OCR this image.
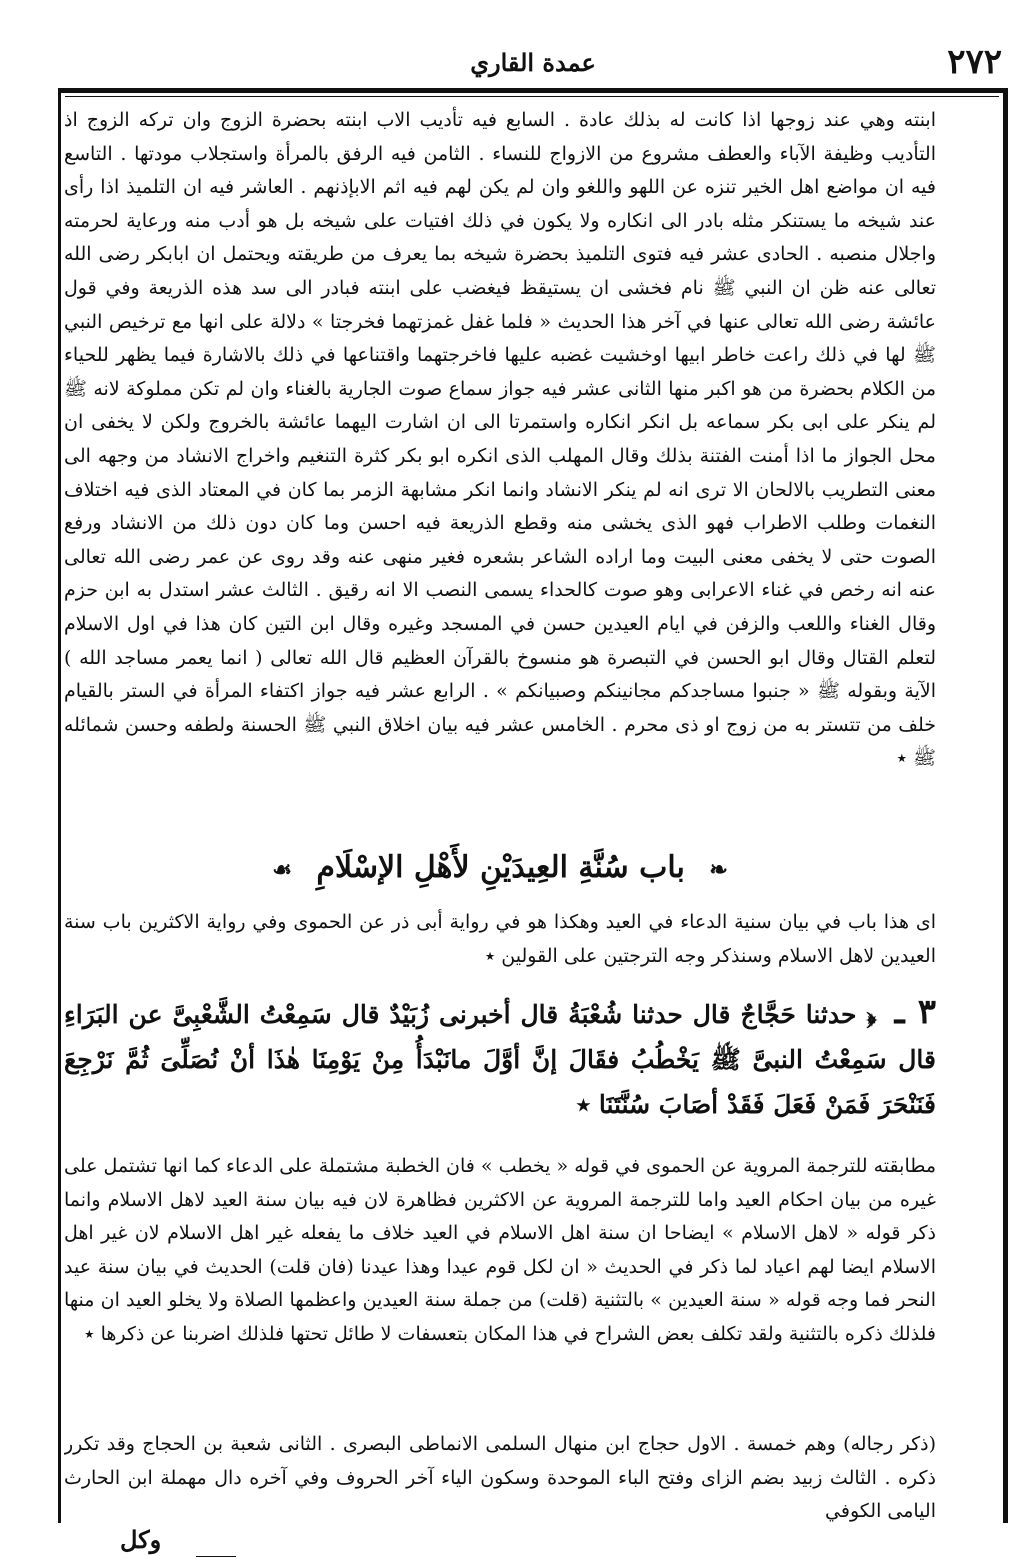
٢٧٢
عمدة القاري
ابنته وهي عند زوجها اذا كانت له بذلك عادة . السابع فيه تأديب الاب ابنته بحضرة الزوج وان تركه الزوج اذ التأديب وظيفة الآباء والعطف مشروع من الازواج للنساء . الثامن فيه الرفق بالمرأة واستجلاب مودتها . التاسع فيه ان مواضع اهل الخير تنزه عن اللهو واللغو وان لم يكن لهم فيه اثم الابإذنهم . العاشر فيه ان التلميذ اذا رأى عند شيخه ما يستنكر مثله بادر الى انكاره ولا يكون في ذلك افتيات على شيخه بل هو أدب منه ورعاية لحرمته واجلال منصبه . الحادى عشر فيه فتوى التلميذ بحضرة شيخه بما يعرف من طريقته ويحتمل ان ابابكر رضى الله تعالى عنه ظن ان النبي ﷺ نام فخشى ان يستيقظ فيغضب على ابنته فبادر الى سد هذه الذريعة وفي قول عائشة رضى الله تعالى عنها في آخر هذا الحديث « فلما غفل غمزتهما فخرجتا » دلالة على انها مع ترخيص النبي ﷺ لها في ذلك راعت خاطر ابيها اوخشيت غضبه عليها فاخرجتهما واقتناعها في ذلك بالاشارة فيما يظهر للحياء من الكلام بحضرة من هو اكبر منها الثانى عشر فيه جواز سماع صوت الجارية بالغناء وان لم تكن مملوكة لانه ﷺ لم ينكر على ابى بكر سماعه بل انكر انكاره واستمرتا الى ان اشارت اليهما عائشة بالخروج ولكن لا يخفى ان محل الجواز ما اذا أمنت الفتنة بذلك وقال المهلب الذى انكره ابو بكر كثرة التنغيم واخراج الانشاد من وجهه الى معنى التطريب بالالحان الا ترى انه لم ينكر الانشاد وانما انكر مشابهة الزمر بما كان في المعتاد الذى فيه اختلاف النغمات وطلب الاطراب فهو الذى يخشى منه وقطع الذريعة فيه احسن وما كان دون ذلك من الانشاد ورفع الصوت حتى لا يخفى معنى البيت وما اراده الشاعر بشعره فغير منهى عنه وقد روى عن عمر رضى الله تعالى عنه انه رخص في غناء الاعرابى وهو صوت كالحداء يسمى النصب الا انه رقيق . الثالث عشر استدل به ابن حزم وقال الغناء واللعب والزفن في ايام العيدين حسن في المسجد وغيره وقال ابن التين كان هذا في اول الاسلام لتعلم القتال وقال ابو الحسن في التبصرة هو منسوخ بالقرآن العظيم قال الله تعالى ( انما يعمر مساجد الله ) الآية وبقوله ﷺ « جنبوا مساجدكم مجانينكم وصبيانكم » . الرابع عشر فيه جواز اكتفاء المرأة في الستر بالقيام خلف من تتستر به من زوج او ذى محرم . الخامس عشر فيه بيان اخلاق النبي ﷺ الحسنة ولطفه وحسن شمائله ﷺ ٭
❧ باب سُنَّةِ العِيدَيْنِ لأَهْلِ الإسْلَامِ ☙
اى هذا باب في بيان سنية الدعاء في العيد وهكذا هو في رواية أبى ذر عن الحموى وفي رواية الاكثرين باب سنة العيدين لاهل الاسلام وسنذكر وجه الترجتين على القولين ٭
٣ ـ ﴿ حدثنا حَجَّاجٌ قال حدثنا شُعْبَةُ قال أخبرنى زُبَيْدٌ قال سَمِعْتُ الشَّعْبِىَّ عن البَرَاءِ قال سَمِعْتُ النبىَّ ﷺ يَخْطُبُ فقَالَ إنَّ أوَّلَ مانَبْدَأُ مِنْ يَوْمِنَا هٰذَا أنْ نُصَلِّىَ ثُمَّ نَرْجِعَ فَنَنْحَرَ فَمَنْ فَعَلَ فَقَدْ أصَابَ سُنَّتَنَا ٭
مطابقته للترجمة المروية عن الحموى في قوله « يخطب » فان الخطبة مشتملة على الدعاء كما انها تشتمل على غيره من بيان احكام العيد واما للترجمة المروية عن الاكثرين فظاهرة لان فيه بيان سنة العيد لاهل الاسلام وانما ذكر قوله « لاهل الاسلام » ايضاحا ان سنة اهل الاسلام في العيد خلاف ما يفعله غير اهل الاسلام لان غير اهل الاسلام ايضا لهم اعياد لما ذكر في الحديث « ان لكل قوم عيدا وهذا عيدنا (فان قلت) الحديث في بيان سنة عيد النحر فما وجه قوله « سنة العيدين » بالتثنية (قلت) من جملة سنة العيدين واعظمها الصلاة ولا يخلو العيد ان منها فلذلك ذكره بالتثنية ولقد تكلف بعض الشراح في هذا المكان بتعسفات لا طائل تحتها فلذلك اضربنا عن ذكرها ٭
(ذكر رجاله) وهم خمسة . الاول حجاج ابن منهال السلمى الانماطى البصرى . الثانى شعبة بن الحجاج وقد تكرر ذكره . الثالث زبيد بضم الزاى وفتح الباء الموحدة وسكون الياء آخر الحروف وفي آخره دال مهملة ابن الحارث اليامى الكوفي
وكل
